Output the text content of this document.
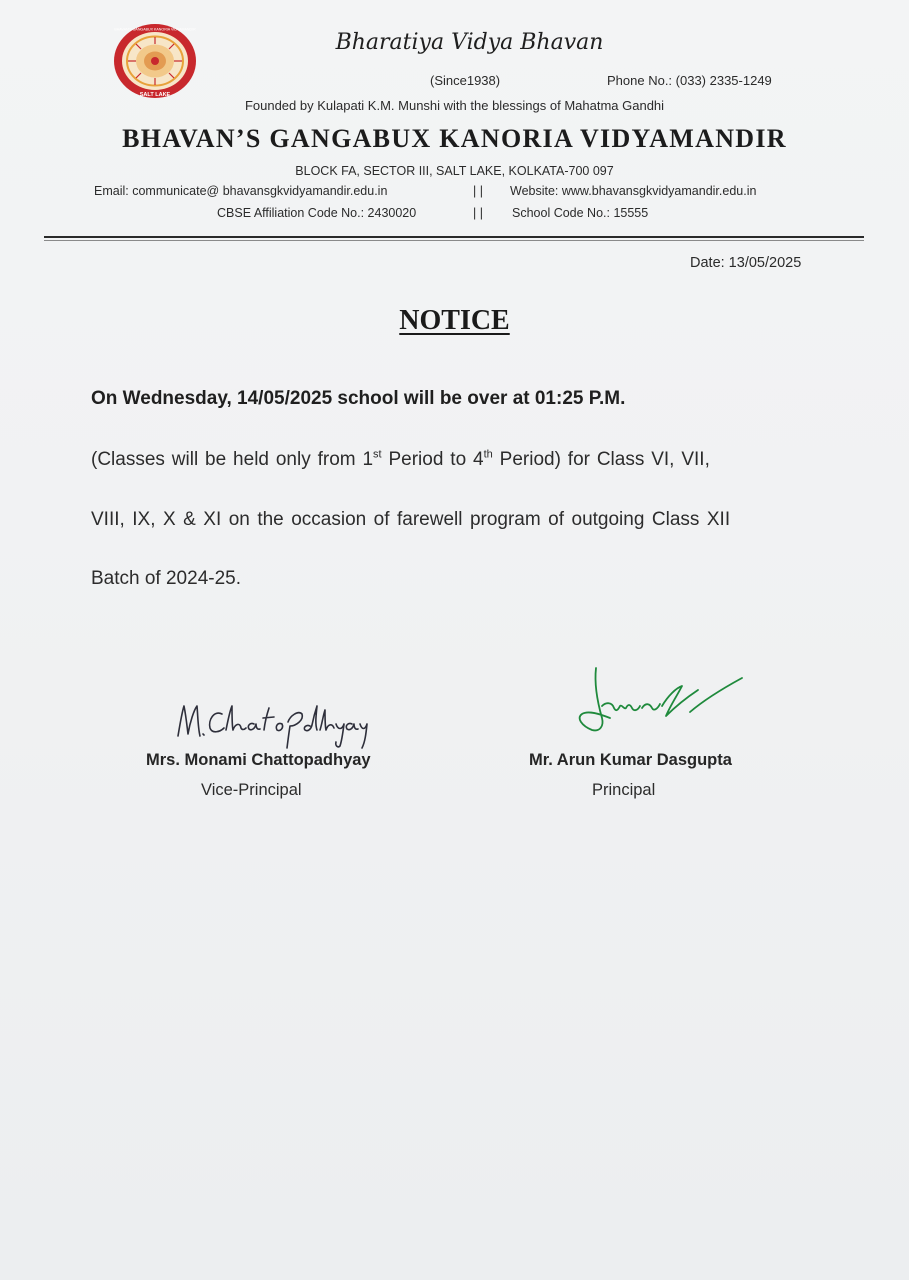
SALT LAKE
BHAVAN'S GANGABUX KANORIA VIDYAMANDIR

Bharatiya Vidya Bhavan

(Since1938)	Phone No.: (033) 2335-1249

Founded by Kulapati K.M. Munshi with the blessings of Mahatma Gandhi

BHAVAN’S GANGABUX KANORIA VIDYAMANDIR

BLOCK FA, SECTOR III, SALT LAKE, KOLKATA-700 097

Email: communicate@ bhavansgkvidyamandir.edu.in	| | Website: www.bhavansgkvidyamandir.edu.in

CBSE Affiliation Code No.: 2430020	| | School Code No.: 15555

Date: 13/05/2025

NOTICE

On Wednesday, 14/05/2025 school will be over at 01:25 P.M.

(Classes will be held only from 1st Period to 4th Period) for Class VI, VII,

VIII, IX, X & XI on the occasion of farewell program of outgoing Class XII

Batch of 2024-25.

Mrs. Monami Chattopadhyay

Vice-Principal

Mr. Arun Kumar Dasgupta

Principal
